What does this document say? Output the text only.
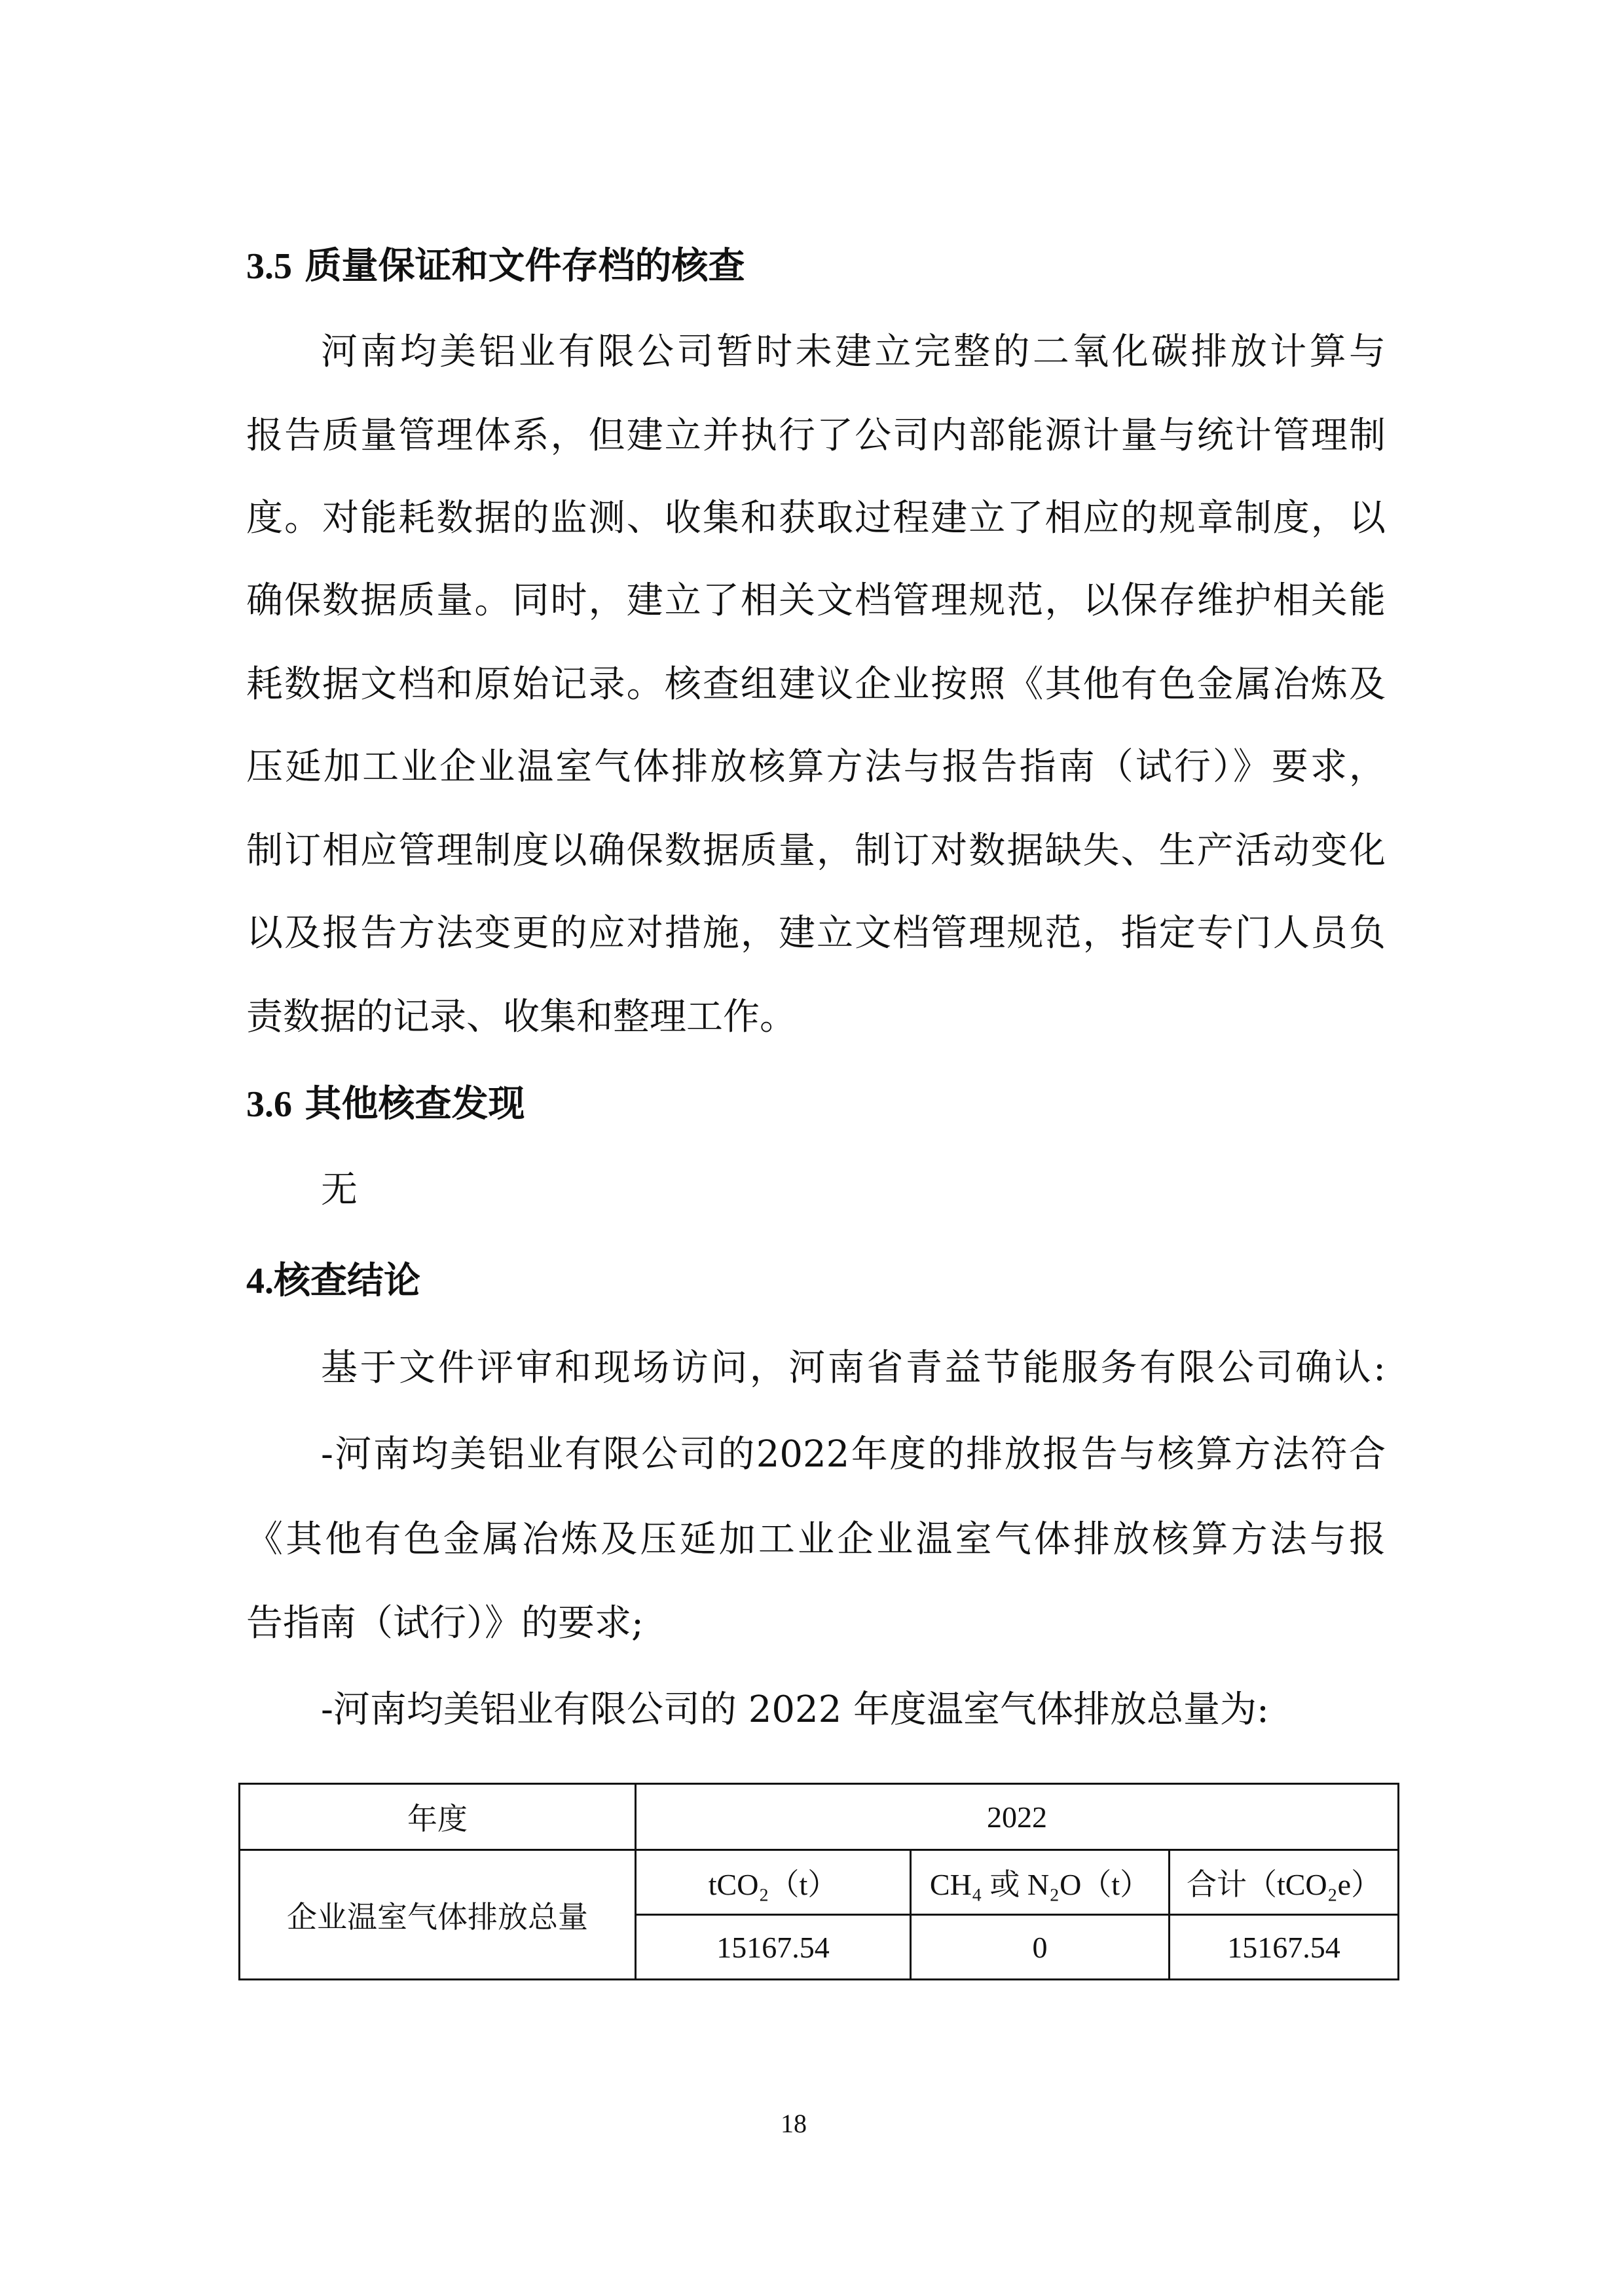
3.5 质量保证和文件存档的核查
河南均美铝业有限公司暂时未建立完整的二氧化碳排放计算与
报告质量管理体系，但建立并执行了公司内部能源计量与统计管理制
度。对能耗数据的监测、收集和获取过程建立了相应的规章制度，以
确保数据质量。同时，建立了相关文档管理规范，以保存维护相关能
耗数据文档和原始记录。核查组建议企业按照《其他有色金属冶炼及
压延加工业企业温室气体排放核算方法与报告指南（试行）》要求，
制订相应管理制度以确保数据质量，制订对数据缺失、生产活动变化
以及报告方法变更的应对措施，建立文档管理规范，指定专门人员负
责数据的记录、收集和整理工作。
3.6 其他核查发现
无
4.核查结论
基于文件评审和现场访问，河南省青益节能服务有限公司确认:
-河南均美铝业有限公司的2022年度的排放报告与核算方法符合
《其他有色金属冶炼及压延加工业企业温室气体排放核算方法与报
告指南（试行）》的要求;
-河南均美铝业有限公司的 2022 年度温室气体排放总量为:
年度	2022		
企业温室气体排放总量	tCO₂（t）	CH₄ 或 N₂O（t）	合计（tCO₂e）
	15167.54	0	15167.54
18
